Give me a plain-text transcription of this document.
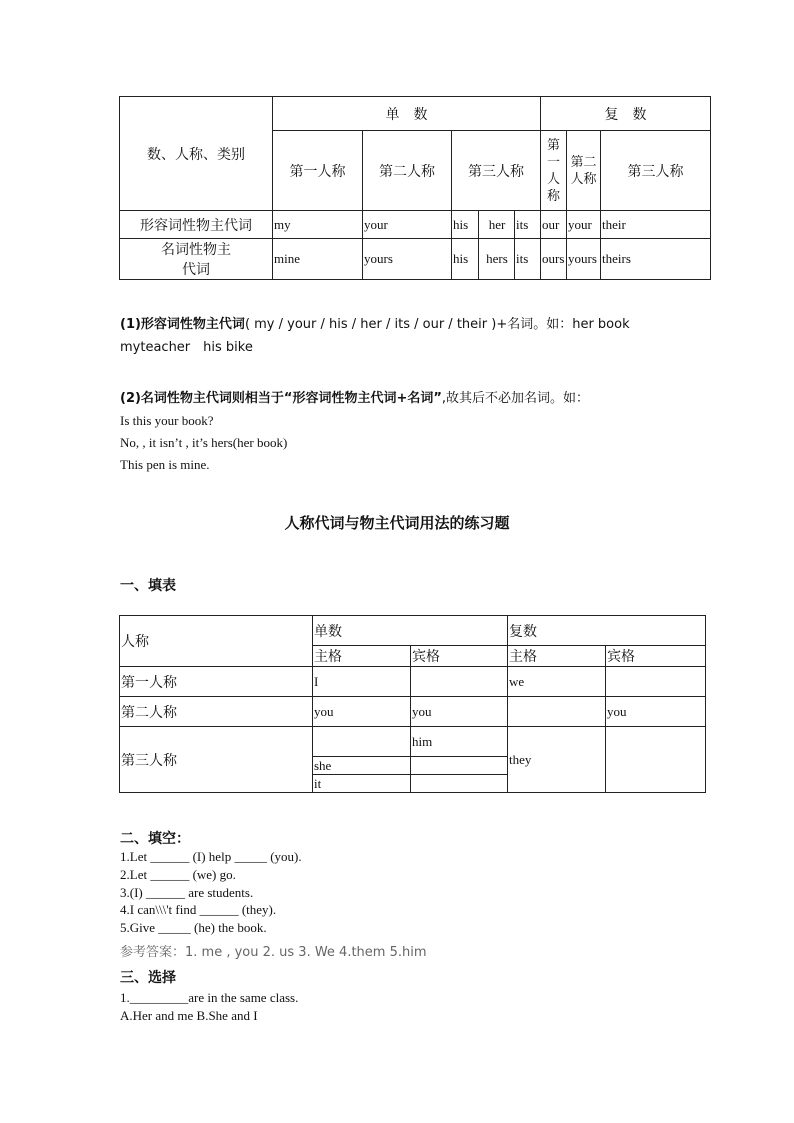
数、人称、类别	单　数					复　数		
	第一人称	第二人称	第三人称			第一人称	第二人称	第三人称
形容词性物主代词	my	your	his	her	its	our	your	their
名词性物主代词	mine	yours	his	hers	its	ours	yours	theirs
(1)形容词性物主代词( my / your / his / her / its / our / their )+名词。如：her book　myteacher　his bike
(2)名词性物主代词则相当于“形容词性物主代词+名词”,故其后不必加名词。如：
Is this your book?
No, , it isn’t , it’s hers(her book)
This pen is mine.
人称代词与物主代词用法的练习题
一、填表
人称	单数		复数	
	主格	宾格	主格	宾格
第一人称	I		we	
第二人称	you	you		you
第三人称		him	they	
	she			
	it			
二、填空：
1.Let ______ (I) help _____ (you).
2.Let ______ (we) go.
3.(I) ______ are students.
4.I can\\\'t find ______ (they).
5.Give _____ (he) the book.
参考答案：1. me , you 2. us 3. We 4.them 5.him
三、选择
1._________are in the same class.
A.Her and me B.She and I
